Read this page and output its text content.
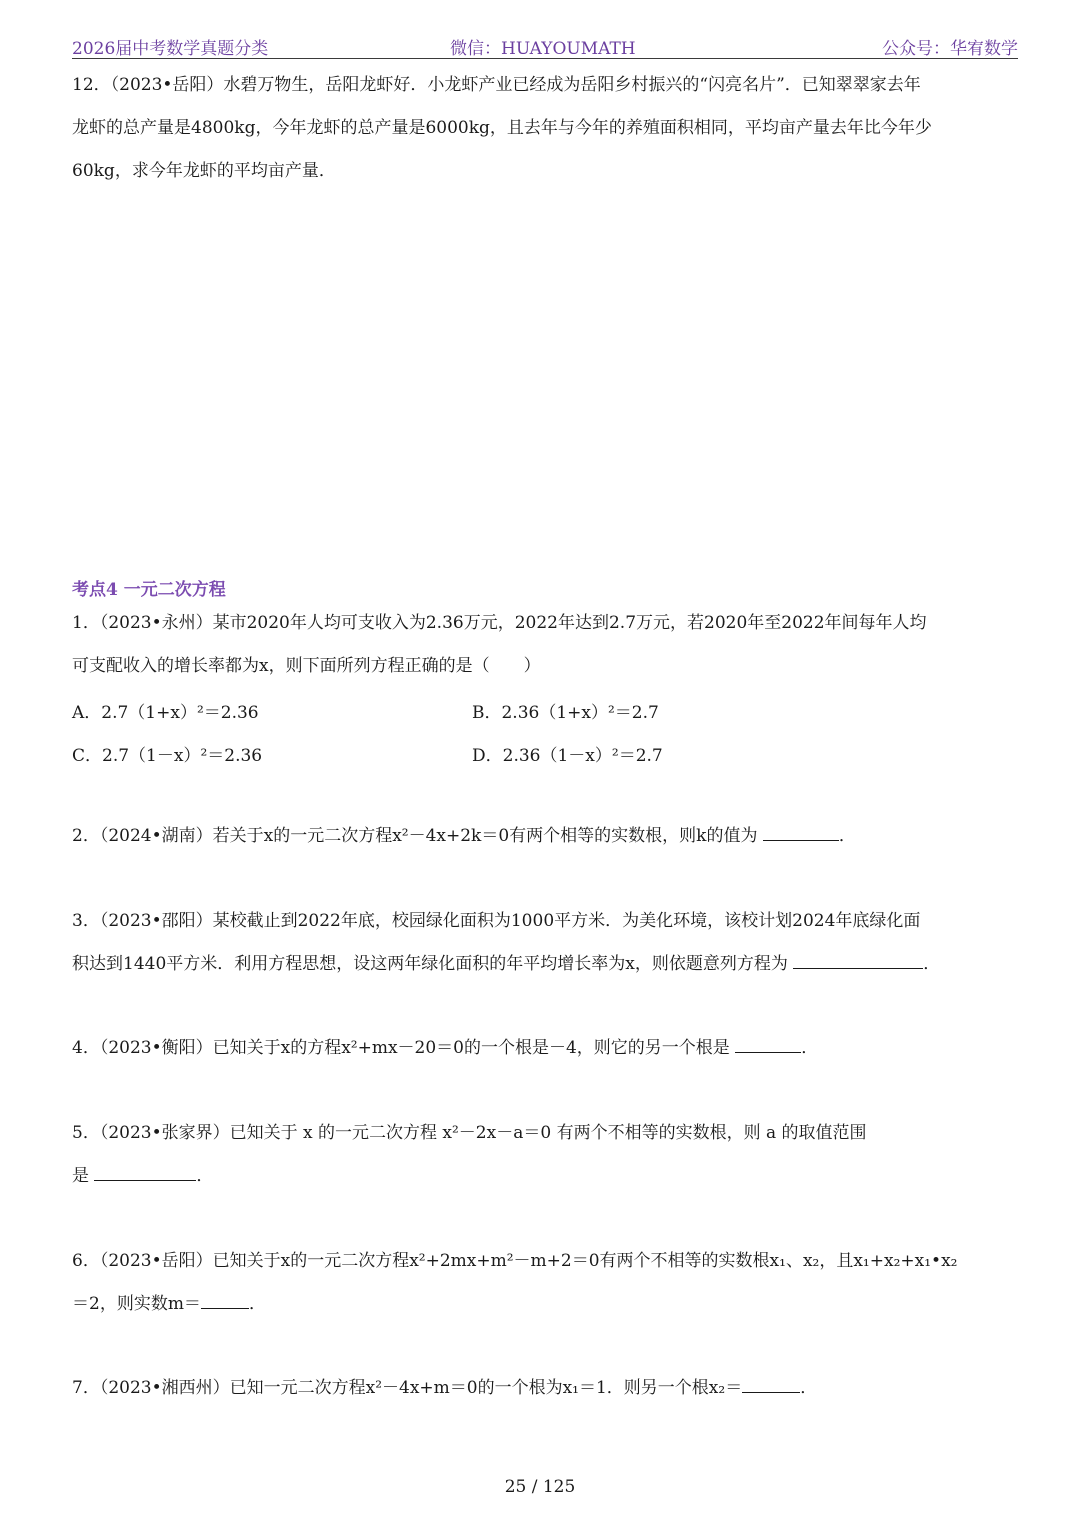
2026届中考数学真题分类	微信：HUAYOUMATH	公众号：华宥数学

12．（2023•岳阳）水碧万物生，岳阳龙虾好．小龙虾产业已经成为岳阳乡村振兴的“闪亮名片”．已知翠翠家去年

龙虾的总产量是4800kg，今年龙虾的总产量是6000kg，且去年与今年的养殖面积相同，平均亩产量去年比今年少

60kg，求今年龙虾的平均亩产量．

考点4 一元二次方程

1．（2023•永州）某市2020年人均可支收入为2.36万元，2022年达到2.7万元，若2020年至2022年间每年人均

可支配收入的增长率都为x，则下面所列方程正确的是（　　）

A．2.7（1+x）²＝2.36	B．2.36（1+x）²＝2.7
C．2.7（1－x）²＝2.36	D．2.36（1－x）²＝2.7

2．（2024•湖南）若关于x的一元二次方程x²－4x+2k＝0有两个相等的实数根，则k的值为	．

3．（2023•邵阳）某校截止到2022年底，校园绿化面积为1000平方米．为美化环境，该校计划2024年底绿化面

积达到1440平方米．利用方程思想，设这两年绿化面积的年平均增长率为x，则依题意列方程为	．

4．（2023•衡阳）已知关于x的方程x²+mx－20＝0的一个根是－4，则它的另一个根是	．

5．（2023•张家界）已知关于 x 的一元二次方程 x²－2x－a＝0 有两个不相等的实数根，则 a 的取值范围

是	．

6．（2023•岳阳）已知关于x的一元二次方程x²+2mx+m²－m+2＝0有两个不相等的实数根x₁、x₂，且x₁+x₂+x₁•x₂

＝2，则实数m＝	．

7．（2023•湘西州）已知一元二次方程x²－4x+m＝0的一个根为x₁＝1．则另一个根x₂＝	．

25 / 125
